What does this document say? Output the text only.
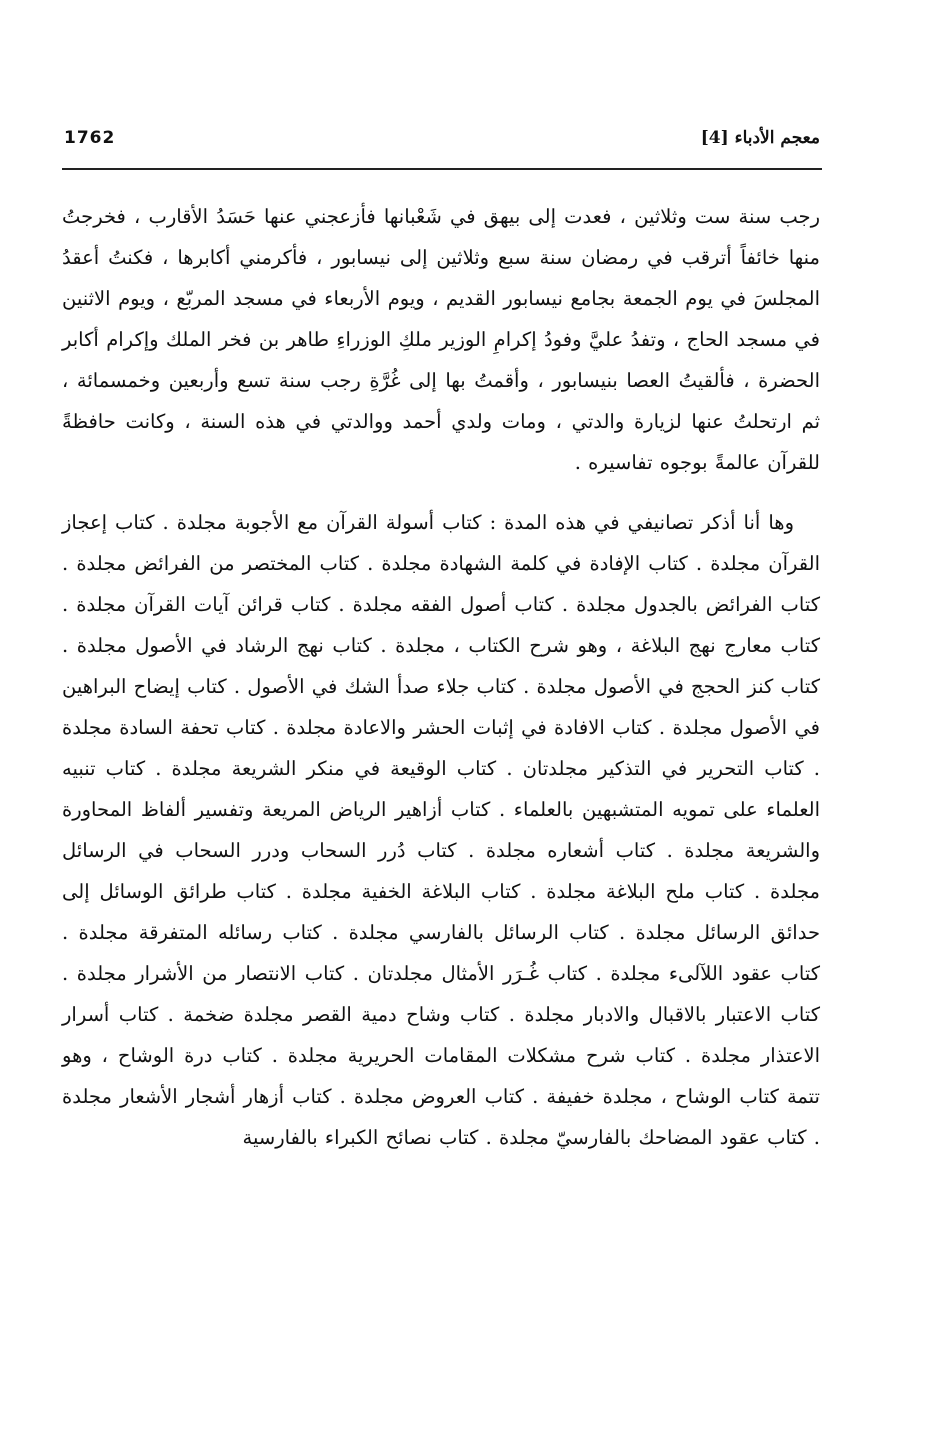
1762	معجم الأدباء [4]

رجب سنة ست وثلاثين ، فعدت إلى بيهق في شَعْبانها فأزعجني عنها حَسَدُ الأقارب ، فخرجتُ منها خائفاً أترقب في رمضان سنة سبع وثلاثين إلى نيسابور ، فأكرمني أكابرها ، فكنتُ أعقدُ المجلسَ في يوم الجمعة بجامع نيسابور القديم ، ويوم الأربعاء في مسجد المربّع ، ويوم الاثنين في مسجد الحاج ، وتفدُ عليَّ وفودُ إكرامِ الوزير ملكِ الوزراءِ طاهر بن فخر الملك وإكرام أكابر الحضرة ، فألقيتُ العصا بنيسابور ، وأقمتُ بها إلى غُرَّةِ رجب سنة تسع وأربعين وخمسمائة ، ثم ارتحلتُ عنها لزيارة والدتي ، ومات ولدي أحمد ووالدتي في هذه السنة ، وكانت حافظةً للقرآن عالمةً بوجوه تفاسيره .

وها أنا أذكر تصانيفي في هذه المدة : كتاب أسولة القرآن مع الأجوبة مجلدة . كتاب إعجاز القرآن مجلدة . كتاب الإفادة في كلمة الشهادة مجلدة . كتاب المختصر من الفرائض مجلدة . كتاب الفرائض بالجدول مجلدة . كتاب أصول الفقه مجلدة . كتاب قرائن آيات القرآن مجلدة . كتاب معارج نهج البلاغة ، وهو شرح الكتاب ، مجلدة . كتاب نهج الرشاد في الأصول مجلدة . كتاب كنز الحجج في الأصول مجلدة . كتاب جلاء صدأ الشك في الأصول . كتاب إيضاح البراهين في الأصول مجلدة . كتاب الافادة في إثبات الحشر والاعادة مجلدة . كتاب تحفة السادة مجلدة . كتاب التحرير في التذكير مجلدتان . كتاب الوقيعة في منكر الشريعة مجلدة . كتاب تنبيه العلماء على تمويه المتشبهين بالعلماء . كتاب أزاهير الرياض المريعة وتفسير ألفاظ المحاورة والشريعة مجلدة . كتاب أشعاره مجلدة . كتاب دُرر السحاب ودرر السحاب في الرسائل مجلدة . كتاب ملح البلاغة مجلدة . كتاب البلاغة الخفية مجلدة . كتاب طرائق الوسائل إلى حدائق الرسائل مجلدة . كتاب الرسائل بالفارسي مجلدة . كتاب رسائله المتفرقة مجلدة . كتاب عقود اللآلىء مجلدة . كتاب غُـرَر الأمثال مجلدتان . كتاب الانتصار من الأشرار مجلدة . كتاب الاعتبار بالاقبال والادبار مجلدة . كتاب وشاح دمية القصر مجلدة ضخمة . كتاب أسرار الاعتذار مجلدة . كتاب شرح مشكلات المقامات الحريرية مجلدة . كتاب درة الوشاح ، وهو تتمة كتاب الوشاح ، مجلدة خفيفة . كتاب العروض مجلدة . كتاب أزهار أشجار الأشعار مجلدة . كتاب عقود المضاحك بالفارسيّ مجلدة . كتاب نصائح الكبراء بالفارسية
